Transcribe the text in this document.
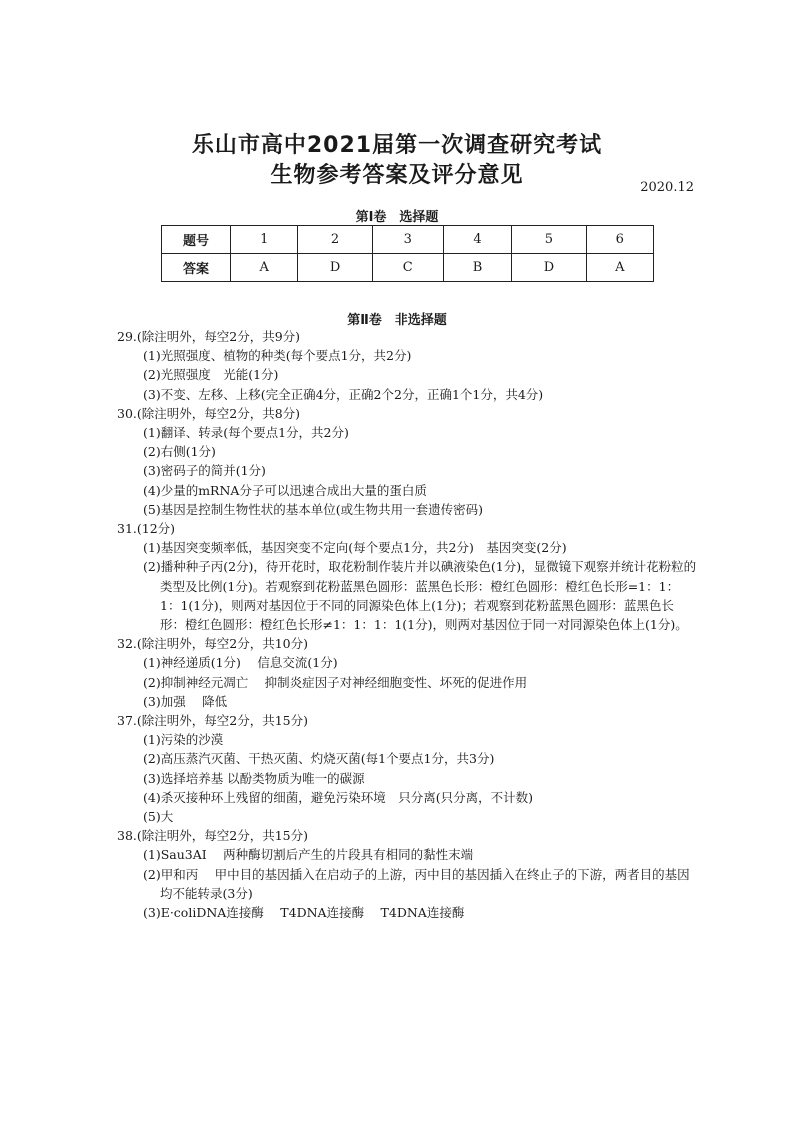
乐山市高中2021届第一次调查研究考试
生物参考答案及评分意见	2020.12
第Ⅰ卷　选择题
题号	1	2	3	4	5	6
答案	A	D	C	B	D	A
第Ⅱ卷　非选择题

29.(除注明外，每空2分，共9分)

(1)光照强度、植物的种类(每个要点1分，共2分)

(2)光照强度　光能(1分)

(3)不变、左移、上移(完全正确4分，正确2个2分，正确1个1分，共4分)

30.(除注明外，每空2分，共8分)

(1)翻译、转录(每个要点1分，共2分)

(2)右侧(1分)

(3)密码子的简并(1分)

(4)少量的mRNA分子可以迅速合成出大量的蛋白质

(5)基因是控制生物性状的基本单位(或生物共用一套遗传密码)

31.(12分)

(1)基因突变频率低，基因突变不定向(每个要点1分，共2分)　基因突变(2分)

(2)播种种子丙(2分)，待开花时，取花粉制作装片并以碘液染色(1分)，显微镜下观察并统计花粉粒的类型及比例(1分)。若观察到花粉蓝黑色圆形：蓝黑色长形：橙红色圆形：橙红色长形=1：1：1：1(1分)，则两对基因位于不同的同源染色体上(1分)；若观察到花粉蓝黑色圆形：蓝黑色长形：橙红色圆形：橙红色长形≠1：1：1：1(1分)，则两对基因位于同一对同源染色体上(1分)。

32.(除注明外，每空2分，共10分)

(1)神经递质(1分)　 信息交流(1分)

(2)抑制神经元凋亡　 抑制炎症因子对神经细胞变性、坏死的促进作用

(3)加强　 降低

37.(除注明外，每空2分，共15分)

(1)污染的沙漠

(2)高压蒸汽灭菌、干热灭菌、灼烧灭菌(每1个要点1分，共3分)

(3)选择培养基 以酚类物质为唯一的碳源

(4)杀灭接种环上残留的细菌，避免污染环境　只分离(只分离，不计数)

(5)大

38.(除注明外，每空2分，共15分)

(1)Sau3AⅠ　 两种酶切割后产生的片段具有相同的黏性末端

(2)甲和丙　 甲中目的基因插入在启动子的上游，丙中目的基因插入在终止子的下游，两者目的基因均不能转录(3分)

(3)E·coliDNA连接酶　 T4DNA连接酶　 T4DNA连接酶
